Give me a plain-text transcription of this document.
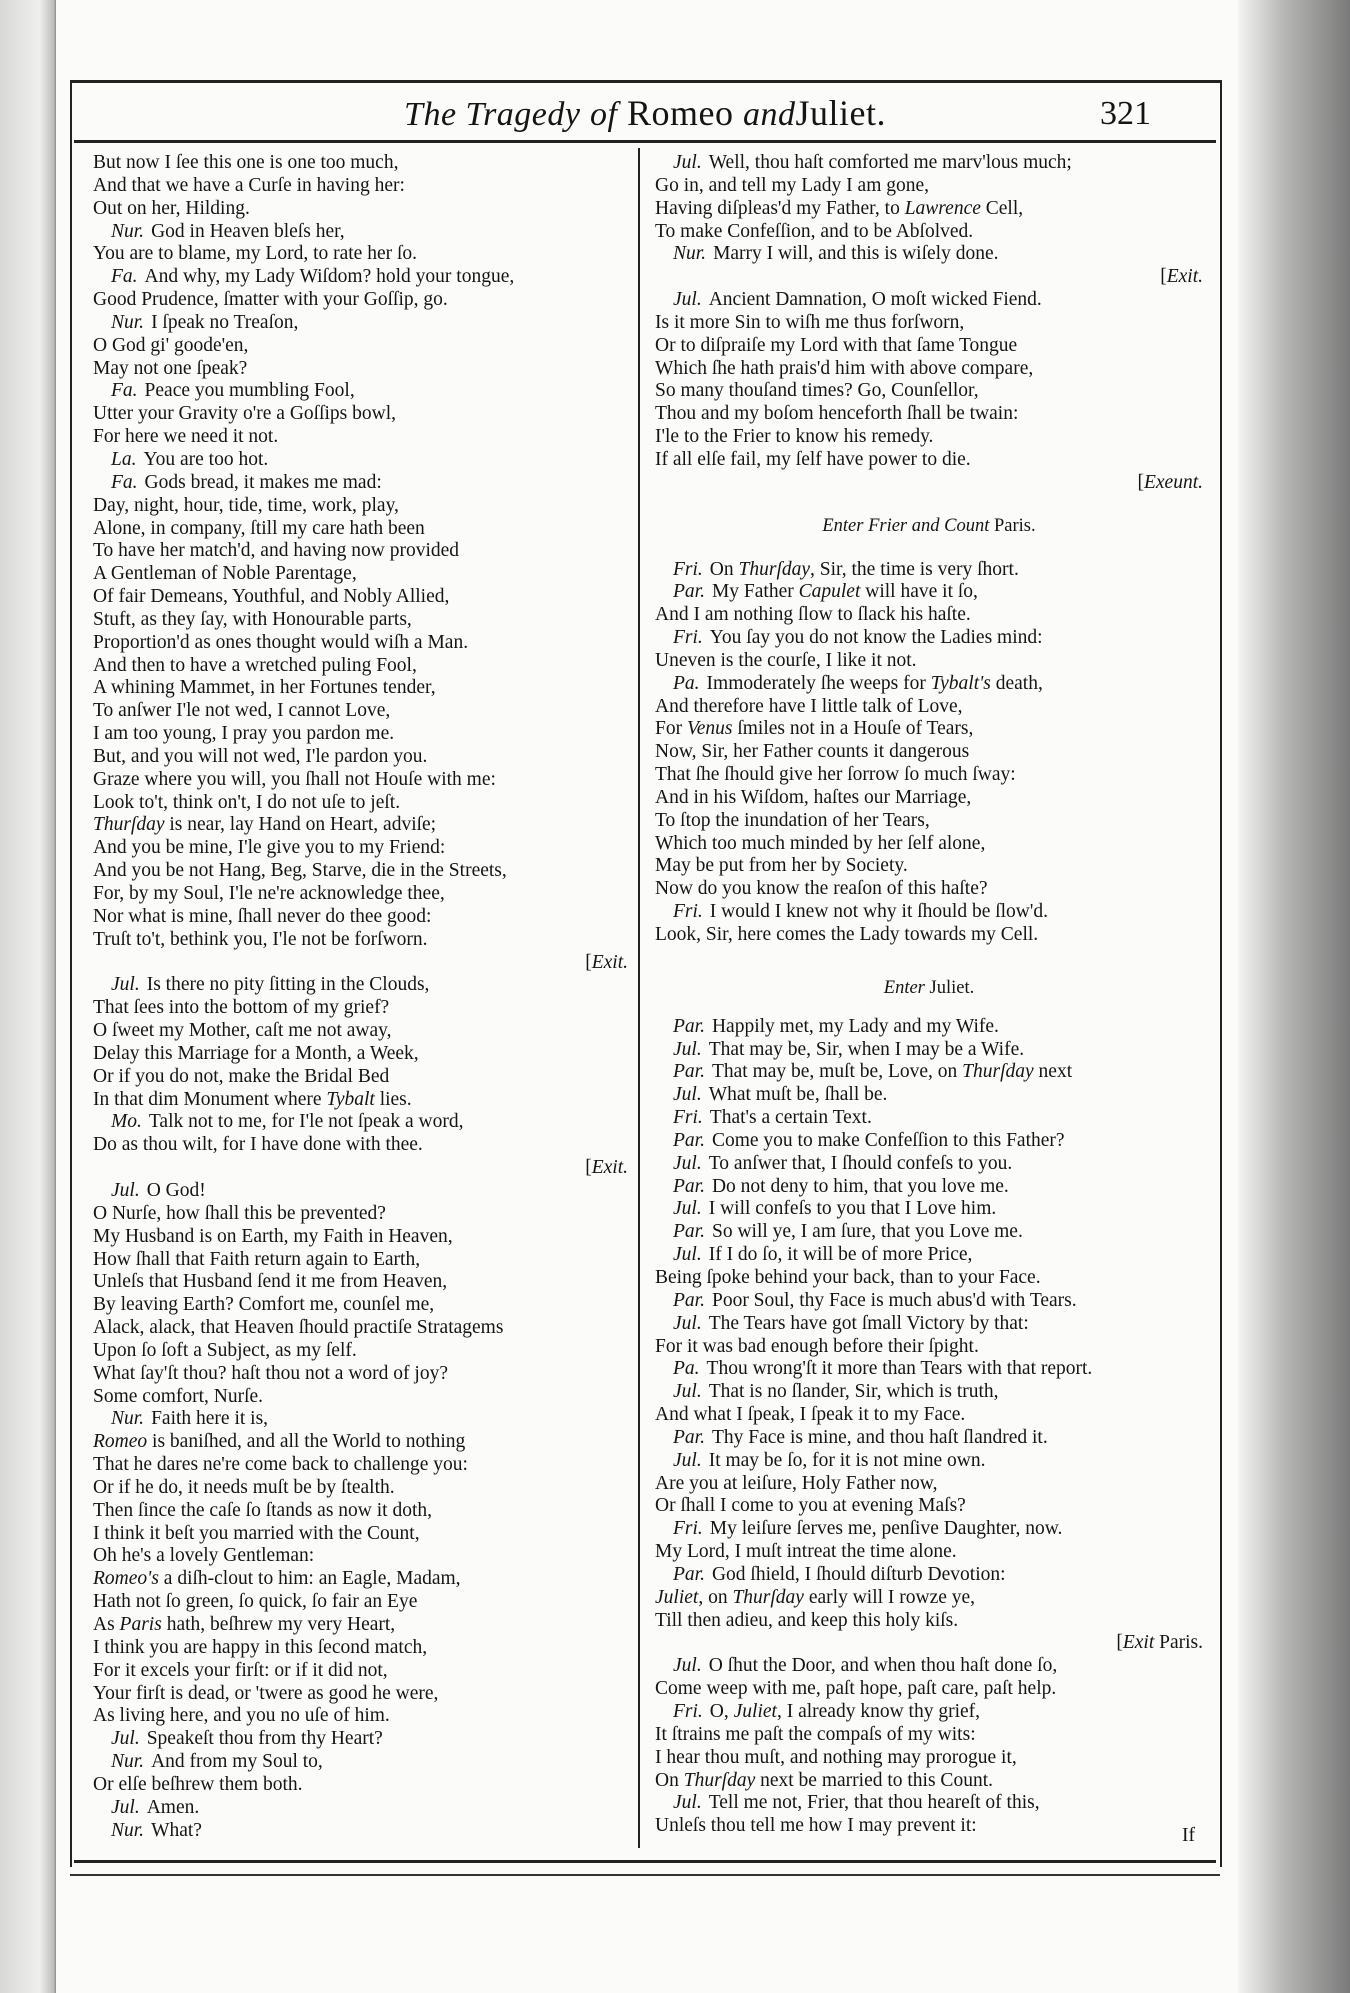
The Tragedy of Romeo andJuliet.	321
But now I ſee this one is one too much,
And that we have a Curſe in having her:
Out on her, Hilding.
Nur. God in Heaven bleſs her,
You are to blame, my Lord, to rate her ſo.
Fa. And why, my Lady Wiſdom? hold your tongue,
Good Prudence, ſmatter with your Goſſip, go.
Nur. I ſpeak no Treaſon,
O God gi' goode'en,
May not one ſpeak?
Fa. Peace you mumbling Fool,
Utter your Gravity o're a Goſſips bowl,
For here we need it not.
La. You are too hot.
Fa. Gods bread, it makes me mad:
Day, night, hour, tide, time, work, play,
Alone, in company, ſtill my care hath been
To have her match'd, and having now provided
A Gentleman of Noble Parentage,
Of fair Demeans, Youthful, and Nobly Allied,
Stuft, as they ſay, with Honourable parts,
Proportion'd as ones thought would wiſh a Man.
And then to have a wretched puling Fool,
A whining Mammet, in her Fortunes tender,
To anſwer I'le not wed, I cannot Love,
I am too young, I pray you pardon me.
But, and you will not wed, I'le pardon you.
Graze where you will, you ſhall not Houſe with me:
Look to't, think on't, I do not uſe to jeſt.
Thurſday is near, lay Hand on Heart, adviſe;
And you be mine, I'le give you to my Friend:
And you be not Hang, Beg, Starve, die in the Streets,
For, by my Soul, I'le ne're acknowledge thee,
Nor what is mine, ſhall never do thee good:
Truſt to't, bethink you, I'le not be forſworn.
[Exit.
Jul. Is there no pity ſitting in the Clouds,
That ſees into the bottom of my grief?
O ſweet my Mother, caſt me not away,
Delay this Marriage for a Month, a Week,
Or if you do not, make the Bridal Bed
In that dim Monument where Tybalt lies.
Mo. Talk not to me, for I'le not ſpeak a word,
Do as thou wilt, for I have done with thee.
[Exit.
Jul. O God!
O Nurſe, how ſhall this be prevented?
My Husband is on Earth, my Faith in Heaven,
How ſhall that Faith return again to Earth,
Unleſs that Husband ſend it me from Heaven,
By leaving Earth? Comfort me, counſel me,
Alack, alack, that Heaven ſhould practiſe Stratagems
Upon ſo ſoft a Subject, as my ſelf.
What ſay'ſt thou? haſt thou not a word of joy?
Some comfort, Nurſe.
Nur. Faith here it is,
Romeo is baniſhed, and all the World to nothing
That he dares ne're come back to challenge you:
Or if he do, it needs muſt be by ſtealth.
Then ſince the caſe ſo ſtands as now it doth,
I think it beſt you married with the Count,
Oh he's a lovely Gentleman:
Romeo's a diſh-clout to him: an Eagle, Madam,
Hath not ſo green, ſo quick, ſo fair an Eye
As Paris hath, beſhrew my very Heart,
I think you are happy in this ſecond match,
For it excels your firſt: or if it did not,
Your firſt is dead, or 'twere as good he were,
As living here, and you no uſe of him.
Jul. Speakeſt thou from thy Heart?
Nur. And from my Soul to,
Or elſe beſhrew them both.
Jul. Amen.
Nur. What?
Jul. Well, thou haſt comforted me marv'lous much;
Go in, and tell my Lady I am gone,
Having diſpleas'd my Father, to Lawrence Cell,
To make Confeſſion, and to be Abſolved.
Nur. Marry I will, and this is wiſely done.
[Exit.
Jul. Ancient Damnation, O moſt wicked Fiend.
Is it more Sin to wiſh me thus forſworn,
Or to diſpraiſe my Lord with that ſame Tongue
Which ſhe hath prais'd him with above compare,
So many thouſand times? Go, Counſellor,
Thou and my boſom henceforth ſhall be twain:
I'le to the Frier to know his remedy.
If all elſe fail, my ſelf have power to die.
[Exeunt.
Enter Frier and Count Paris.
Fri. On Thurſday, Sir, the time is very ſhort.
Par. My Father Capulet will have it ſo,
And I am nothing ſlow to ſlack his haſte.
Fri. You ſay you do not know the Ladies mind:
Uneven is the courſe, I like it not.
Pa. Immoderately ſhe weeps for Tybalt's death,
And therefore have I little talk of Love,
For Venus ſmiles not in a Houſe of Tears,
Now, Sir, her Father counts it dangerous
That ſhe ſhould give her ſorrow ſo much ſway:
And in his Wiſdom, haſtes our Marriage,
To ſtop the inundation of her Tears,
Which too much minded by her ſelf alone,
May be put from her by Society.
Now do you know the reaſon of this haſte?
Fri. I would I knew not why it ſhould be ſlow'd.
Look, Sir, here comes the Lady towards my Cell.
Enter Juliet.
Par. Happily met, my Lady and my Wife.
Jul. That may be, Sir, when I may be a Wife.
Par. That may be, muſt be, Love, on Thurſday next
Jul. What muſt be, ſhall be.
Fri. That's a certain Text.
Par. Come you to make Confeſſion to this Father?
Jul. To anſwer that, I ſhould confeſs to you.
Par. Do not deny to him, that you love me.
Jul. I will confeſs to you that I Love him.
Par. So will ye, I am ſure, that you Love me.
Jul. If I do ſo, it will be of more Price,
Being ſpoke behind your back, than to your Face.
Par. Poor Soul, thy Face is much abus'd with Tears.
Jul. The Tears have got ſmall Victory by that:
For it was bad enough before their ſpight.
Pa. Thou wrong'ſt it more than Tears with that report.
Jul. That is no ſlander, Sir, which is truth,
And what I ſpeak, I ſpeak it to my Face.
Par. Thy Face is mine, and thou haſt ſlandred it.
Jul. It may be ſo, for it is not mine own.
Are you at leiſure, Holy Father now,
Or ſhall I come to you at evening Maſs?
Fri. My leiſure ſerves me, penſive Daughter, now.
My Lord, I muſt intreat the time alone.
Par. God ſhield, I ſhould diſturb Devotion:
Juliet, on Thurſday early will I rowze ye,
Till then adieu, and keep this holy kiſs.
[Exit Paris.
Jul. O ſhut the Door, and when thou haſt done ſo,
Come weep with me, paſt hope, paſt care, paſt help.
Fri. O, Juliet, I already know thy grief,
It ſtrains me paſt the compaſs of my wits:
I hear thou muſt, and nothing may prorogue it,
On Thurſday next be married to this Count.
Jul. Tell me not, Frier, that thou heareſt of this,
Unleſs thou tell me how I may prevent it:	If
